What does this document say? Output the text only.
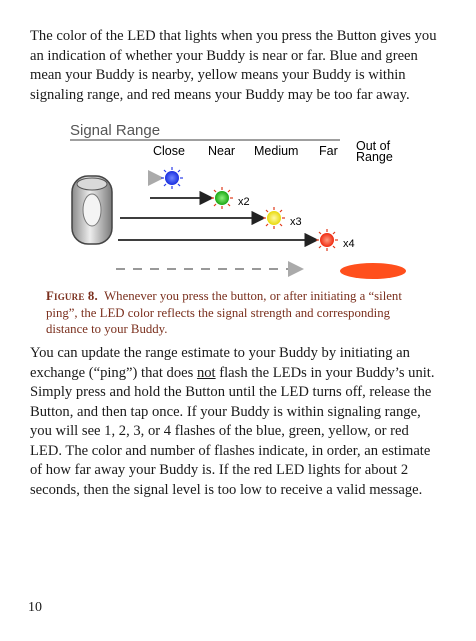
The color of the LED that lights when you press the Button gives you an indication of whether your Buddy is near or far. Blue and green mean your Buddy is nearby, yellow means your Buddy is within signaling range, and red means your Buddy may be too far away.

Signal Range
Close Near Medium Far Out of
Range
x2
x3
x4

Figure 8. Whenever you press the button, or after initiating a “silent ping”, the LED color reflects the signal strength and corresponding distance to your Buddy.

You can update the range estimate to your Buddy by initiating an exchange (“ping”) that does not flash the LEDs in your Buddy’s unit. Simply press and hold the Button until the LED turns off, release the Button, and then tap once. If your Buddy is within signaling range, you will see 1, 2, 3, or 4 flashes of the blue, green, yellow, or red LED. The color and number of flashes indicate, in order, an estimate of how far away your Buddy is. If the red LED lights for about 2 seconds, then the signal level is too low to receive a valid message.

10
